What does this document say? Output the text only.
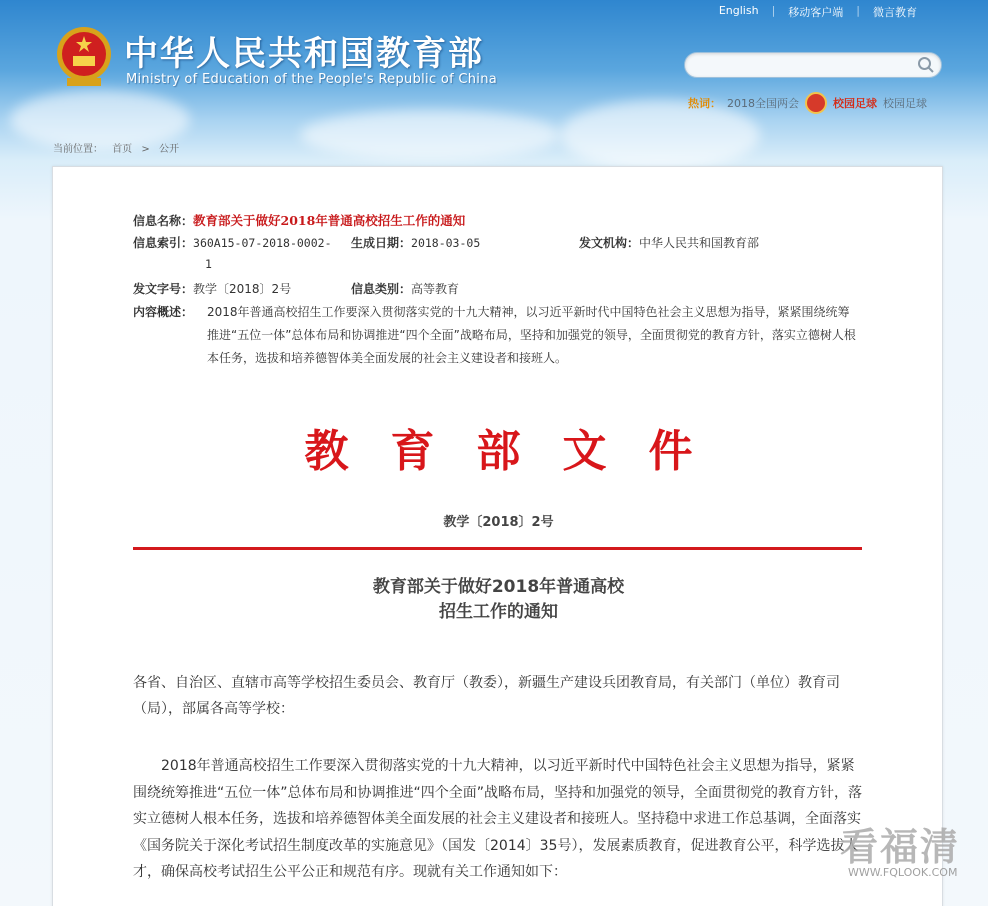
中华人民共和国教育部
Ministry of Education of the People's Republic of China
English	|	移动客户端	|	微言教育
热词： 2018全国两会	校园足球 校园足球
当前位置： 首页 > 公开
信息名称：教育部关于做好2018年普通高校招生工作的通知
信息索引：360A15-07-2018-0002-
1
生成日期：2018-03-05	发文机构：中华人民共和国教育部
发文字号：教学〔2018〕2号	信息类别：高等教育
内容概述： 2018年普通高校招生工作要深入贯彻落实党的十九大精神，以习近平新时代中国特色社会主义思想为指导，紧紧围绕统筹推进“五位一体”总体布局和协调推进“四个全面”战略布局，坚持和加强党的领导，全面贯彻党的教育方针，落实立德树人根本任务，选拔和培养德智体美全面发展的社会主义建设者和接班人。
教育部文件
教学〔2018〕2号
教育部关于做好2018年普通高校
招生工作的通知
各省、自治区、直辖市高等学校招生委员会、教育厅（教委），新疆生产建设兵团教育局，有关部门（单位）教育司（局），部属各高等学校：
2018年普通高校招生工作要深入贯彻落实党的十九大精神，以习近平新时代中国特色社会主义思想为指导，紧紧围绕统筹推进“五位一体”总体布局和协调推进“四个全面”战略布局，坚持和加强党的领导，全面贯彻党的教育方针，落实立德树人根本任务，选拔和培养德智体美全面发展的社会主义建设者和接班人。坚持稳中求进工作总基调，全面落实《国务院关于深化考试招生制度改革的实施意见》（国发〔2014〕35号），发展素质教育，促进教育公平，科学选拔人才，确保高校考试招生公平公正和规范有序。现就有关工作通知如下：
看福清
WWW.FQLOOK.COM
